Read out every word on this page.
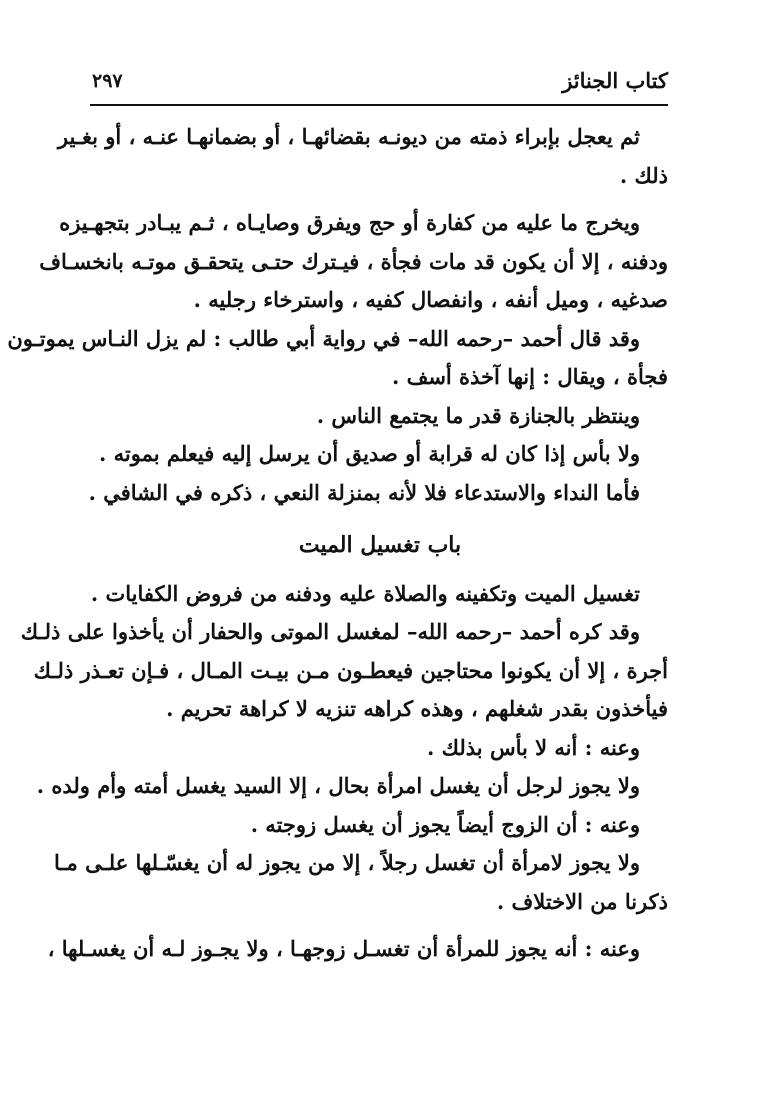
كتاب الجنائز
٢٩٧
ثم يعجل بإبراء ذمته من ديونـه بقضائهـا ، أو بضمانهـا عنـه ، أو بغـير
ذلك .
ويخرج ما عليه من كفارة أو حج ويفرق وصايـاه ، ثـم يبـادر بتجهـيزه
ودفنه ، إلا أن يكون قد مات فجأة ، فيـترك حتـى يتحقـق موتـه بانخسـاف
صدغيه ، وميل أنفه ، وانفصال كفيه ، واسترخاء رجليه .
وقد قال أحمد –رحمه الله– في رواية أبي طالب : لم يزل النـاس يموتـون
فجأة ، ويقال : إنها آخذة أسف .
وينتظر بالجنازة قدر ما يجتمع الناس .
ولا بأس إذا كان له قرابة أو صديق أن يرسل إليه فيعلم بموته .
فأما النداء والاستدعاء فلا لأنه بمنزلة النعي ، ذكره في الشافي .
باب تغسيل الميت
تغسيل الميت وتكفينه والصلاة عليه ودفنه من فروض الكفايات .
وقد كره أحمد –رحمه الله– لمغسل الموتى والحفار أن يأخذوا على ذلـك
أجرة ، إلا أن يكونوا محتاجين فيعطـون مـن بيـت المـال ، فـإن تعـذر ذلـك
فيأخذون بقدر شغلهم ، وهذه كراهه تنزيه لا كراهة تحريم .
وعنه : أنه لا بأس بذلك .
ولا يجوز لرجل أن يغسل امرأة بحال ، إلا السيد يغسل أمته وأم ولده .
وعنه : أن الزوج أيضاً يجوز أن يغسل زوجته .
ولا يجوز لامرأة أن تغسل رجلاً ، إلا من يجوز له أن يغسّـلها علـى مـا
ذكرنا من الاختلاف .
وعنه : أنه يجوز للمرأة أن تغسـل زوجهـا ، ولا يجـوز لـه أن يغسـلها ،
